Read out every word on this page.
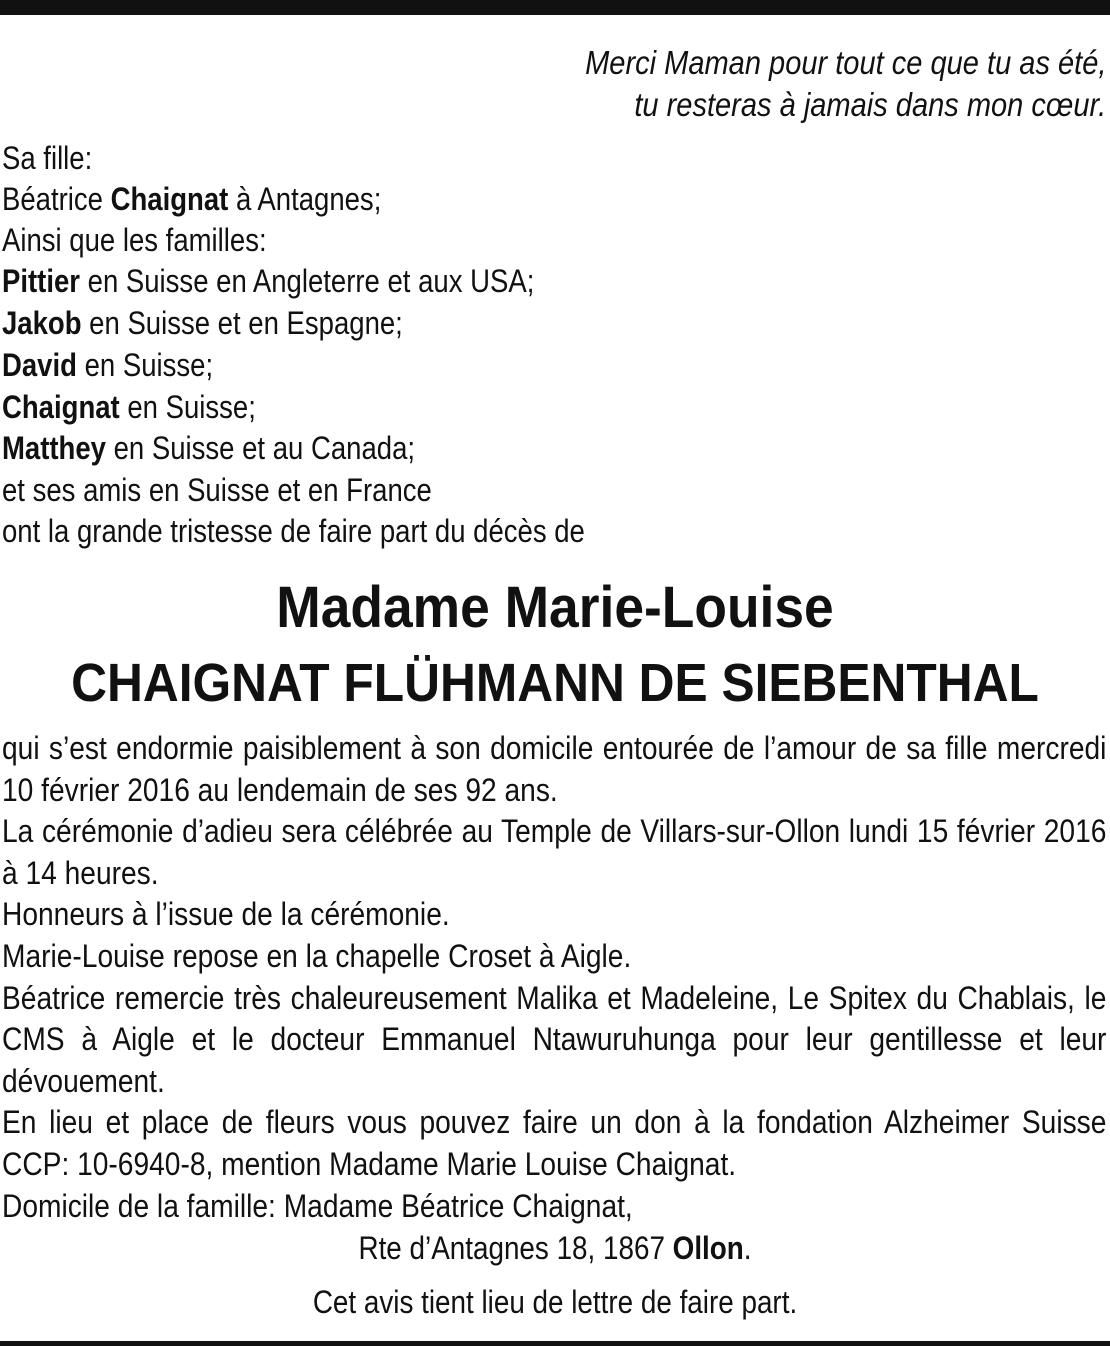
Merci Maman pour tout ce que tu as été,
tu resteras à jamais dans mon cœur.
Sa fille:
Béatrice Chaignat à Antagnes;
Ainsi que les familles:
Pittier en Suisse en Angleterre et aux USA;
Jakob en Suisse et en Espagne;
David en Suisse;
Chaignat en Suisse;
Matthey en Suisse et au Canada;
et ses amis en Suisse et en France
ont la grande tristesse de faire part du décès de
Madame Marie-Louise
CHAIGNAT FLÜHMANN DE SIEBENTHAL

qui s’est endormie paisiblement à son domicile entourée de l’amour de sa fille mercredi 10 février 2016 au lendemain de ses 92 ans.

La cérémonie d’adieu sera célébrée au Temple de Villars-sur-Ollon lundi 15 février 2016 à 14 heures.

Honneurs à l’issue de la cérémonie.

Marie-Louise repose en la chapelle Croset à Aigle.

Béatrice remercie très chaleureusement Malika et Madeleine, Le Spitex du Chablais, le CMS à Aigle et le docteur Emmanuel Ntawuruhunga pour leur gentillesse et leur dévouement.

En lieu et place de fleurs vous pouvez faire un don à la fondation Alzheimer Suisse CCP: 10-6940-8, mention Madame Marie Louise Chaignat.

Domicile de la famille: Madame Béatrice Chaignat,

Rte d’Antagnes 18, 1867 Ollon.
Cet avis tient lieu de lettre de faire part.
